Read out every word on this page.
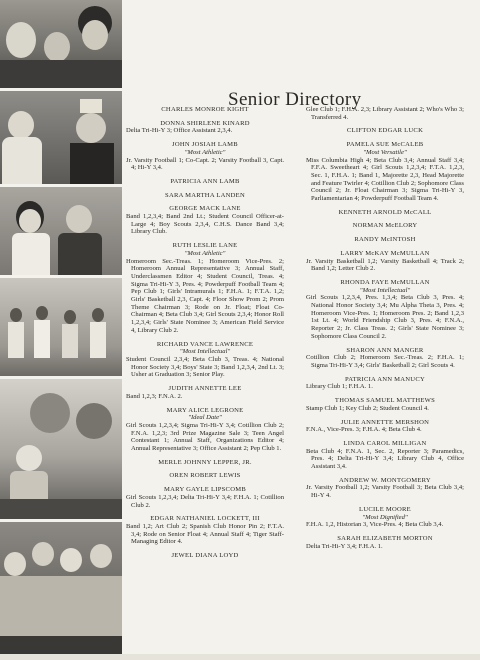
Senior Directory
CHARLES MONROE KIGHT
DONNA SHIRLENE KINARD
Delta Tri-Hi-Y 3; Office Assistant 2,3,4.
JOHN JOSIAH LAMB
"Most Athletic"
Jr. Varsity Football 1; Co-Capt. 2; Varsity Football 3, Capt. 4; Hi-Y 3,4.
PATRICIA ANN LAMB
SARA MARTHA LANDEN
GEORGE MACK LANE
Band 1,2,3,4; Band 2nd Lt.; Student Council Officer-at-Large 4; Boy Scouts 2,3,4, C.H.S. Dance Band 3,4; Library Club.
RUTH LESLIE LANE
"Most Athletic"
Homeroom Sec.-Treas. 1; Homeroom Vice-Pres. 2; Homeroom Annual Representative 3; Annual Staff, Underclassmen Editor 4; Student Council, Treas. 4; Sigma Tri-Hi-Y 3, Pres. 4; Powderpuff Football Team 4; Pep Club 1; Girls' Intramurals 1; F.H.A. 1; F.T.A. 1,2; Girls' Basketball 2,3, Capt. 4; Floor Show Prom 2; Prom Theme Chairman 3; Rode on Jr. Float; Float Co-Chairman 4; Beta Club 3,4; Girl Scouts 2,3,4; Honor Roll 1,2,3,4; Girls' State Nominee 3; American Field Service 4, Library Club 2.
RICHARD VANCE LAWRENCE
"Most Intellectual"
Student Council 2,3,4; Beta Club 3, Treas. 4; National Honor Society 3,4; Boys' State 3; Band 1,2,3,4, 2nd Lt. 3; Usher at Graduation 3; Senior Play.
JUDITH ANNETTE LEE
Band 1,2,3; F.N.A. 2.
MARY ALICE LEGRONE
"Ideal Date"
Girl Scouts 1,2,3,4; Sigma Tri-Hi-Y 3,4; Cotillion Club 2; F.N.A. 1,2,3; 3rd Prize Magazine Sale 3; Teen Angel Contestant 1; Annual Staff, Organizations Editor 4; Annual Representative 3; Office Assistant 2; Pep Club 1.
MERLE JOHNNY LEPPER, JR.
OREN ROBERT LEWIS
MARY GAYLE LIPSCOMB
Girl Scouts 1,2,3,4; Delta Tri-Hi-Y 3,4; F.H.A. 1; Cotillion Club 2.
EDGAR NATHANIEL LOCKETT, III
Band 1,2; Art Club 2; Spanish Club Honor Pin 2; F.T.A. 3,4; Rode on Senior Float 4; Annual Staff 4; Tiger Staff-Managing Editor 4.
JEWEL DIANA LOYD
Glee Club 1; F.H.A. 2,3; Library Assistant 2; Who's Who 3; Transferred 4.
CLIFTON EDGAR LUCK
PAMELA SUE McCALEB
"Most Versatile"
Miss Columbia High 4; Beta Club 3,4; Annual Staff 3,4; F.F.A. Sweetheart 4; Girl Scouts 1,2,3,4; F.T.A. 1,2,3, Sec. 1, F.H.A. 1; Band 1, Majorette 2,3, Head Majorette and Feature Twirler 4; Cotillion Club 2; Sophomore Class Council 2; Jr. Float Chairman 3; Sigma Tri-Hi-Y 3, Parliamentarian 4; Powderpuff Football Team 4.
KENNETH ARNOLD McCALL
NORMAN McELORY
RANDY McINTOSH
LARRY McKAY McMULLAN
Jr. Varsity Basketball 1,2; Varsity Basketball 4; Track 2; Band 1,2; Letter Club 2.
RHONDA FAYE McMULLAN
"Most Intellectual"
Girl Scouts 1,2,3,4, Pres. 1,3,4; Beta Club 3, Pres. 4; National Honor Society 3,4; Mu Alpha Theta 3, Pres. 4; Homeroom Vice-Pres. 1; Homeroom Pres. 2; Band 1,2,3 1st Lt. 4; World Friendship Club 3, Pres. 4; F.N.A., Reporter 2; Jr. Class Treas. 2; Girls' State Nominee 3; Sophomore Class Council 2.
SHARON ANN MANGER
Cotillion Club 2; Homeroom Sec.-Treas. 2; F.H.A. 1; Sigma Tri-Hi-Y 3,4; Girls' Basketball 2; Girl Scouts 4.
PATRICIA ANN MANUCY
Library Club 1; F.H.A. 1.
THOMAS SAMUEL MATTHEWS
Stamp Club 1; Key Club 2; Student Council 4.
JULIE ANNETTE MERSHON
F.N.A., Vice-Pres. 3; F.H.A. 4; Beta Club 4.
LINDA CAROL MILLIGAN
Beta Club 4; F.N.A. 1, Sec. 2, Reporter 3; Paramedics, Pres. 4; Delta Tri-Hi-Y 3,4; Library Club 4, Office Assistant 3,4.
ANDREW W. MONTGOMERY
Jr. Varsity Football 1,2; Varsity Football 3; Beta Club 3,4; Hi-Y 4.
LUCILE MOORE
"Most Dignified"
F.H.A. 1,2, Historian 3, Vice-Pres. 4; Beta Club 3,4.
SARAH ELIZABETH MORTON
Delta Tri-Hi-Y 3,4; F.H.A. 1.
